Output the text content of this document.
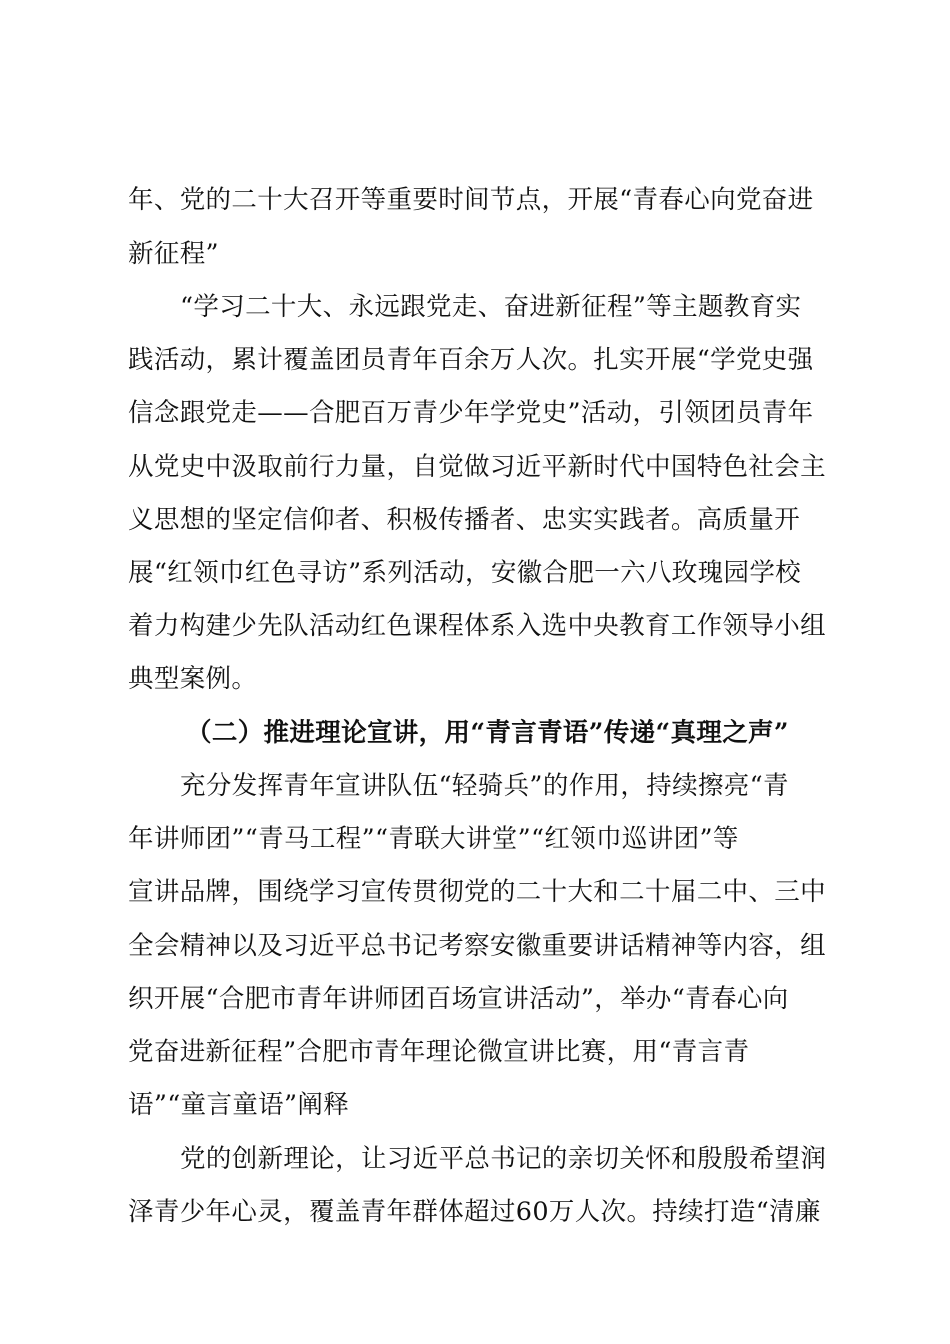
年、党的二十大召开等重要时间节点，开展“青春心向党奋进
新征程”
“学习二十大、永远跟党走、奋进新征程”等主题教育实
践活动，累计覆盖团员青年百余万人次。扎实开展“学党史强
信念跟党走——合肥百万青少年学党史”活动，引领团员青年
从党史中汲取前行力量，自觉做习近平新时代中国特色社会主
义思想的坚定信仰者、积极传播者、忠实实践者。高质量开
展“红领巾红色寻访”系列活动，安徽合肥一六八玫瑰园学校
着力构建少先队活动红色课程体系入选中央教育工作领导小组
典型案例。
（二）推进理论宣讲，用“青言青语”传递“真理之声”
充分发挥青年宣讲队伍“轻骑兵”的作用，持续擦亮“青
年讲师团”“青马工程”“青联大讲堂”“红领巾巡讲团”等
宣讲品牌，围绕学习宣传贯彻党的二十大和二十届二中、三中
全会精神以及习近平总书记考察安徽重要讲话精神等内容，组
织开展“合肥市青年讲师团百场宣讲活动”，举办“青春心向
党奋进新征程”合肥市青年理论微宣讲比赛，用“青言青
语”“童言童语”阐释
党的创新理论，让习近平总书记的亲切关怀和殷殷希望润
泽青少年心灵，覆盖青年群体超过60万人次。持续打造“清廉
